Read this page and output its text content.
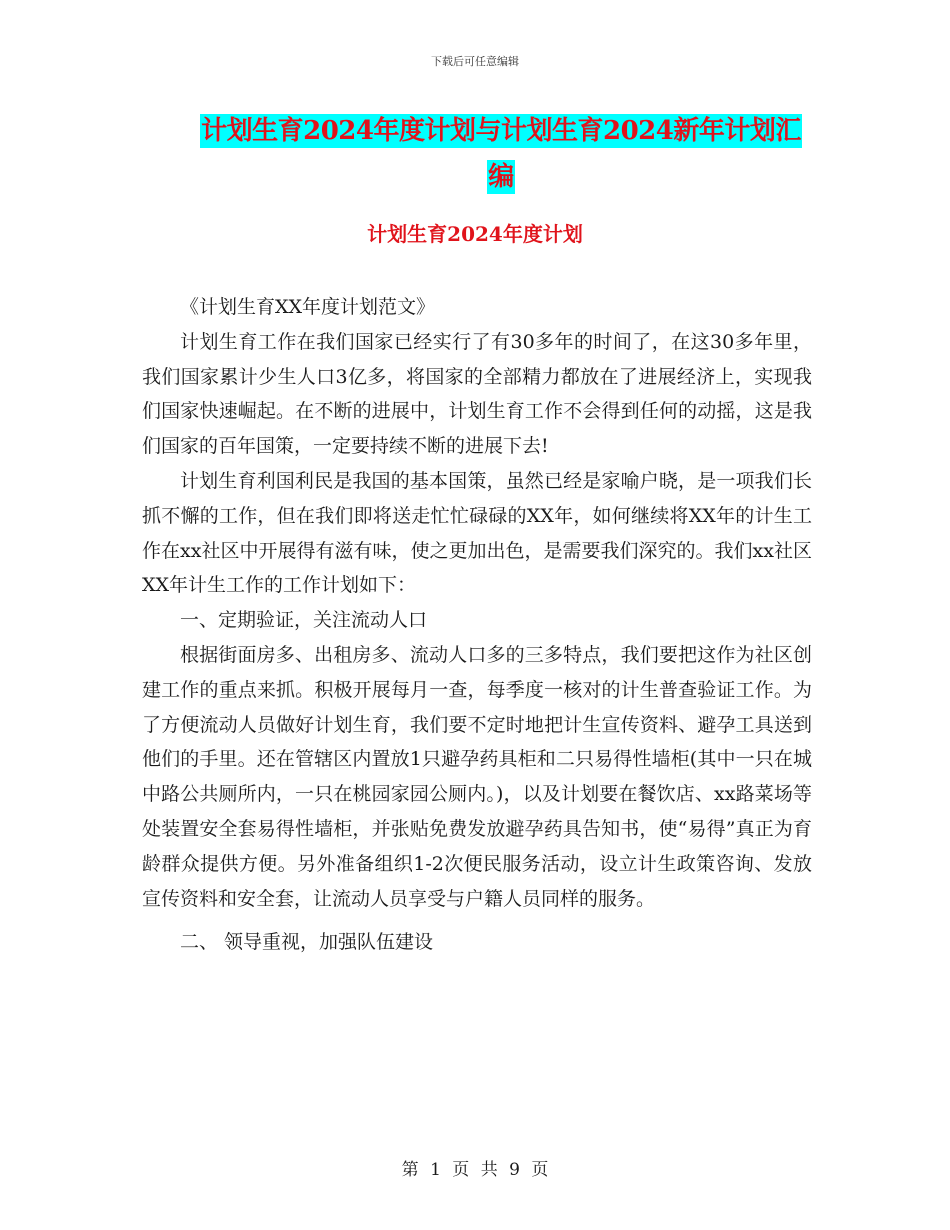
下载后可任意编辑
计划生育2024年度计划与计划生育2024新年计划汇编
计划生育2024年度计划

《计划生育XX年度计划范文》

计划生育工作在我们国家已经实行了有30多年的时间了，在这30多年里，我们国家累计少生人口3亿多，将国家的全部精力都放在了进展经济上，实现我们国家快速崛起。在不断的进展中，计划生育工作不会得到任何的动摇，这是我们国家的百年国策，一定要持续不断的进展下去!

计划生育利国利民是我国的基本国策，虽然已经是家喻户晓，是一项我们长抓不懈的工作，但在我们即将送走忙忙碌碌的XX年，如何继续将XX年的计生工作在xx社区中开展得有滋有味，使之更加出色，是需要我们深究的。我们xx社区XX年计生工作的工作计划如下：

一、定期验证，关注流动人口

根据街面房多、出租房多、流动人口多的三多特点，我们要把这作为社区创建工作的重点来抓。积极开展每月一查，每季度一核对的计生普查验证工作。为了方便流动人员做好计划生育，我们要不定时地把计生宣传资料、避孕工具送到他们的手里。还在管辖区内置放1只避孕药具柜和二只易得性墙柜(其中一只在城中路公共厕所内，一只在桃园家园公厕内。)，以及计划要在餐饮店、xx路菜场等处装置安全套易得性墙柜，并张贴免费发放避孕药具告知书，使“易得”真正为育龄群众提供方便。另外准备组织1-2次便民服务活动，设立计生政策咨询、发放宣传资料和安全套，让流动人员享受与户籍人员同样的服务。

二、 领导重视，加强队伍建设

第 1 页 共 9 页
